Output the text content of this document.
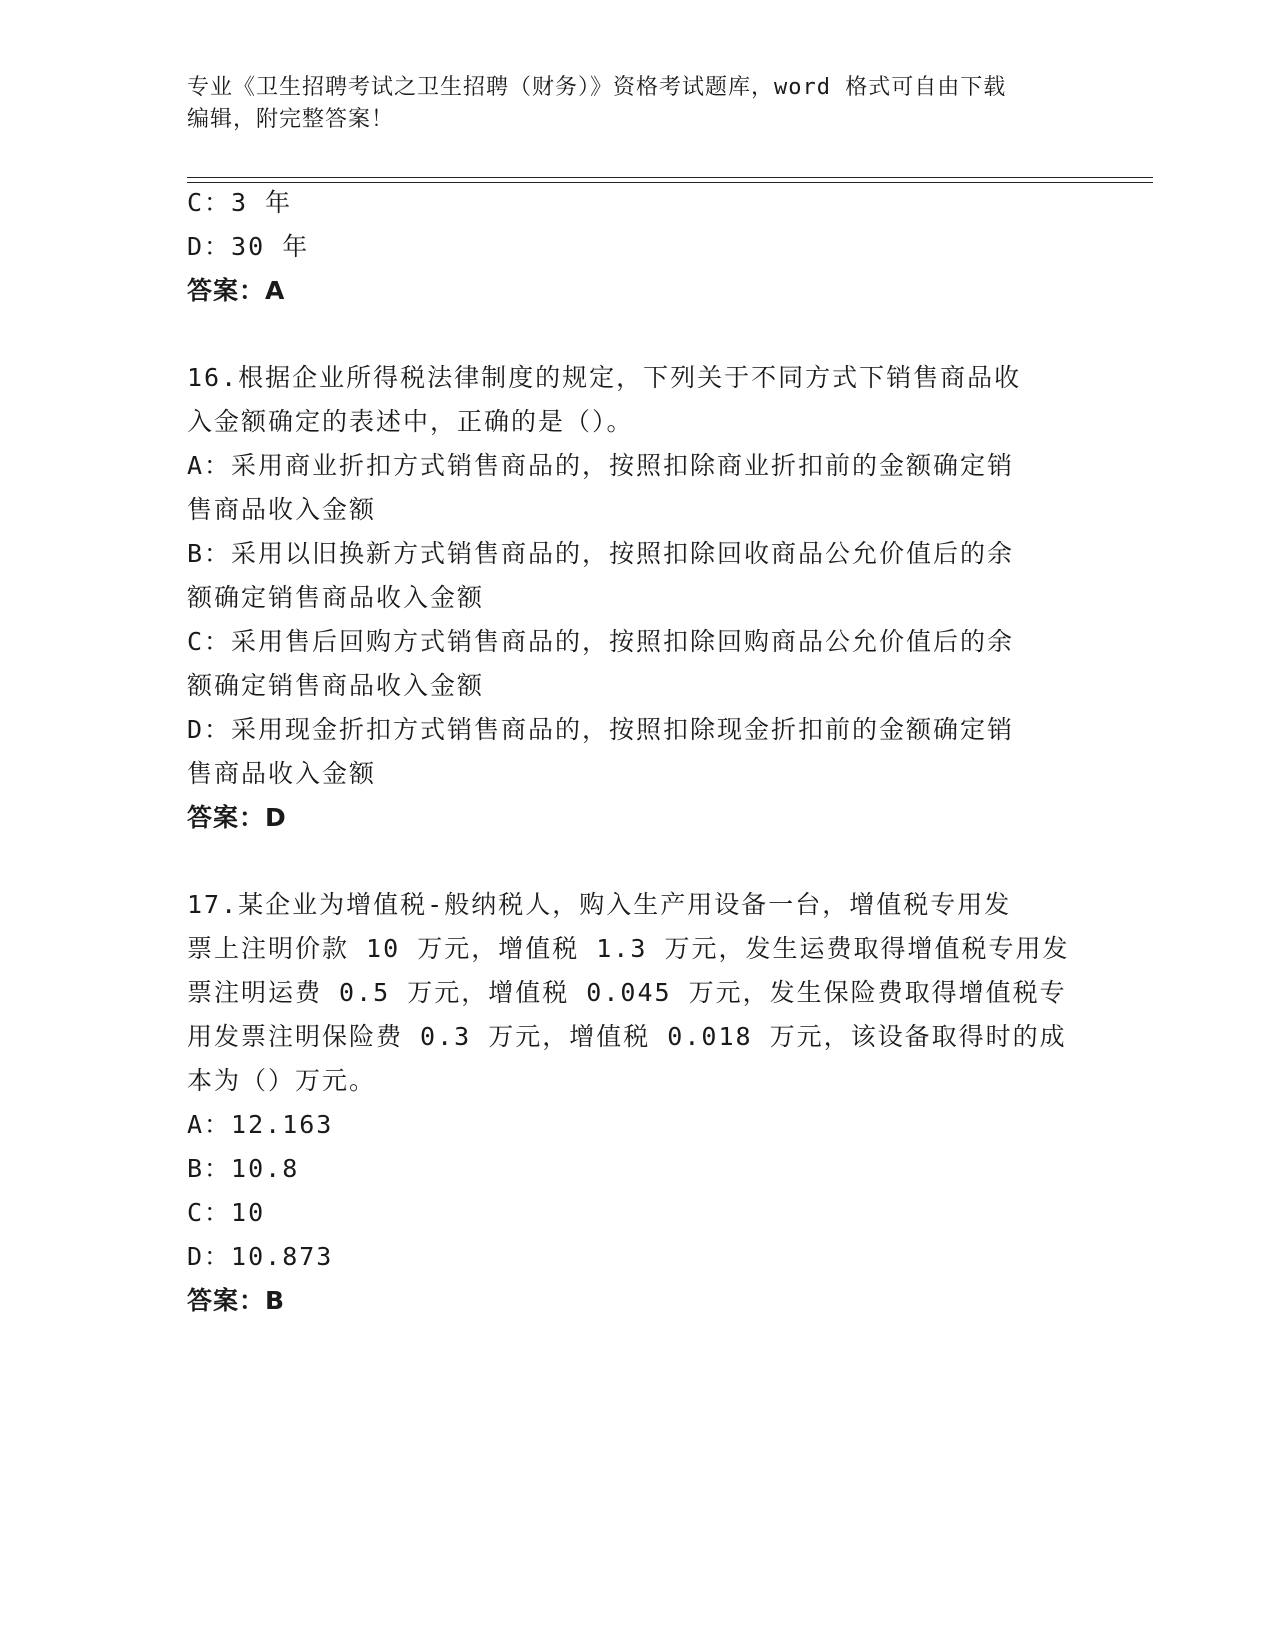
专业《卫生招聘考试之卫生招聘（财务）》资格考试题库，word 格式可自由下载
编辑，附完整答案！
C：3 年
D：30 年
答案：A
16.根据企业所得税法律制度的规定，下列关于不同方式下销售商品收
入金额确定的表述中，正确的是（）。
A：采用商业折扣方式销售商品的，按照扣除商业折扣前的金额确定销
售商品收入金额
B：采用以旧换新方式销售商品的，按照扣除回收商品公允价值后的余
额确定销售商品收入金额
C：采用售后回购方式销售商品的，按照扣除回购商品公允价值后的余
额确定销售商品收入金额
D：采用现金折扣方式销售商品的，按照扣除现金折扣前的金额确定销
售商品收入金额
答案：D
17.某企业为增值税-般纳税人，购入生产用设备一台，增值税专用发
票上注明价款 10 万元，增值税 1.3 万元，发生运费取得增值税专用发
票注明运费 0.5 万元，增值税 0.045 万元，发生保险费取得增值税专
用发票注明保险费 0.3 万元，增值税 0.018 万元，该设备取得时的成
本为（）万元。
A：12.163
B：10.8
C：10
D：10.873
答案：B
